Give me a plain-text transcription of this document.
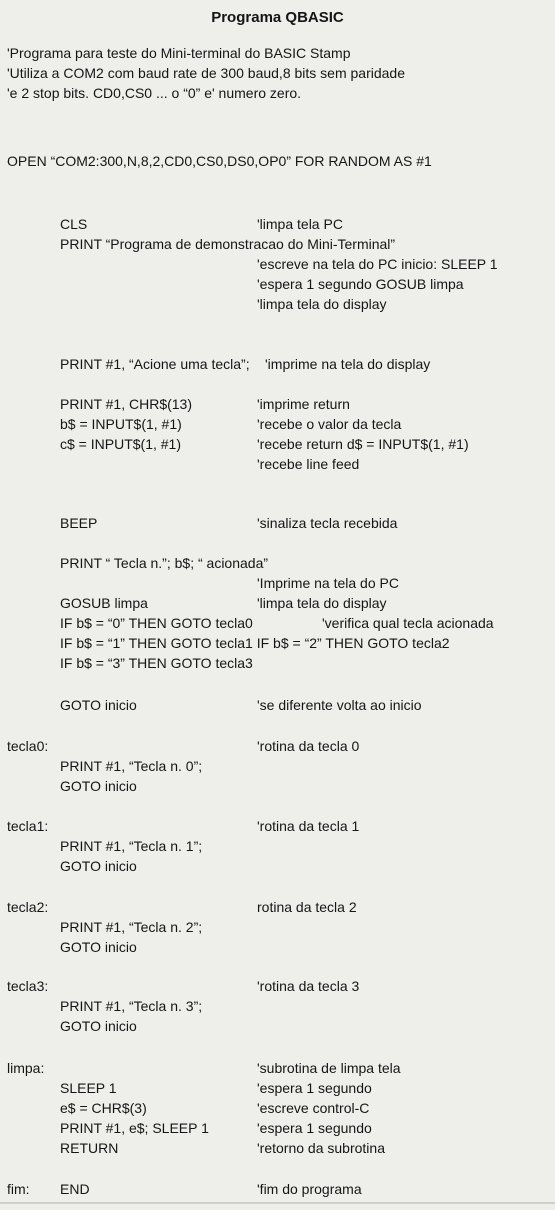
Programa QBASIC
'Programa para teste do Mini-terminal do BASIC Stamp
'Utiliza a COM2 com baud rate de 300 baud,8 bits sem paridade
'e 2 stop bits. CD0,CS0 ... o “0” e' numero zero.
OPEN “COM2:300,N,8,2,CD0,CS0,DS0,OP0” FOR RANDOM AS #1
CLS	'limpa tela PC
PRINT “Programa de demonstracao do Mini-Terminal”
'escreve na tela do PC inicio: SLEEP 1
'espera 1 segundo GOSUB limpa
'limpa tela do display
PRINT #1, “Acione uma tecla”; 'imprime na tela do display
PRINT #1, CHR$(13)	'imprime return
b$ = INPUT$(1, #1)	'recebe o valor da tecla
c$ = INPUT$(1, #1)	'recebe return d$ = INPUT$(1, #1)
'recebe line feed
BEEP	'sinaliza tecla recebida
PRINT “ Tecla n.”; b$; “ acionada”
'Imprime na tela do PC
GOSUB limpa	'limpa tela do display
IF b$ = “0” THEN GOTO tecla0	'verifica qual tecla acionada
IF b$ = “1” THEN GOTO tecla1 IF b$ = “2” THEN GOTO tecla2
IF b$ = “3” THEN GOTO tecla3
GOTO inicio	'se diferente volta ao inicio
tecla0:	'rotina da tecla 0
PRINT #1, “Tecla n. 0”;
GOTO inicio
tecla1:	'rotina da tecla 1
PRINT #1, “Tecla n. 1”;
GOTO inicio
tecla2:	rotina da tecla 2
PRINT #1, “Tecla n. 2”;
GOTO inicio
tecla3:	'rotina da tecla 3
PRINT #1, “Tecla n. 3”;
GOTO inicio
limpa:	'subrotina de limpa tela
SLEEP 1	'espera 1 segundo
e$ = CHR$(3)	'escreve control-C
PRINT #1, e$; SLEEP 1	'espera 1 segundo
RETURN	'retorno da subrotina
fim: END	'fim do programa
